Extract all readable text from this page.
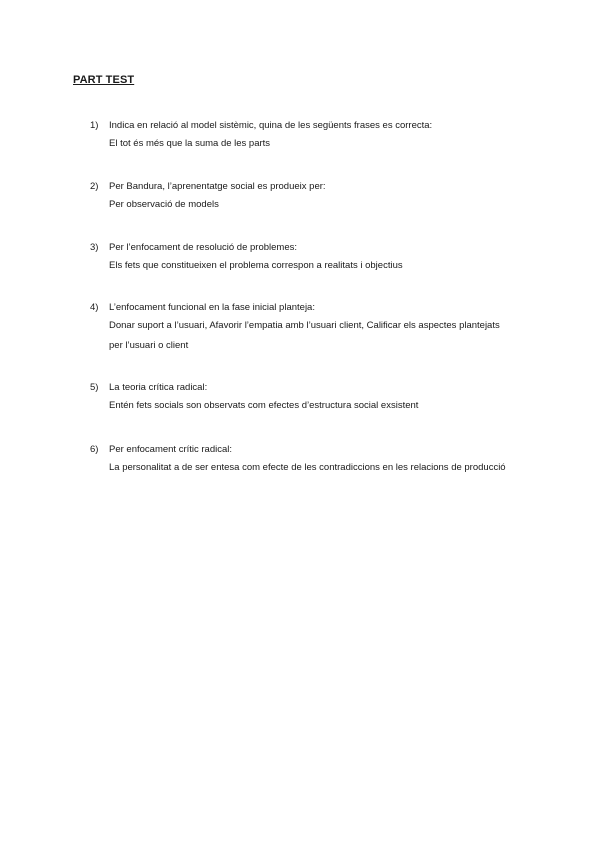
PART TEST
1) Indica en relació al model sistèmic, quina de les següents frases es correcta:
El tot és més que la suma de les parts
2) Per Bandura, l’aprenentatge social es produeix per:
Per observació de models
3) Per l’enfocament de resolució de problemes:
Els fets que constitueixen el problema correspon a realitats i objectius
4) L’enfocament funcional en la fase inicial planteja:
Donar suport a l’usuari, Afavorir l’empatia amb l’usuari client, Calificar els aspectes plantejats
per l’usuari o client
5) La teoria crítica radical:
Entén fets socials son observats com efectes d’estructura social exsistent
6) Per enfocament crític radical:
La personalitat a de ser entesa com efecte de les contradiccions en les relacions de producció
